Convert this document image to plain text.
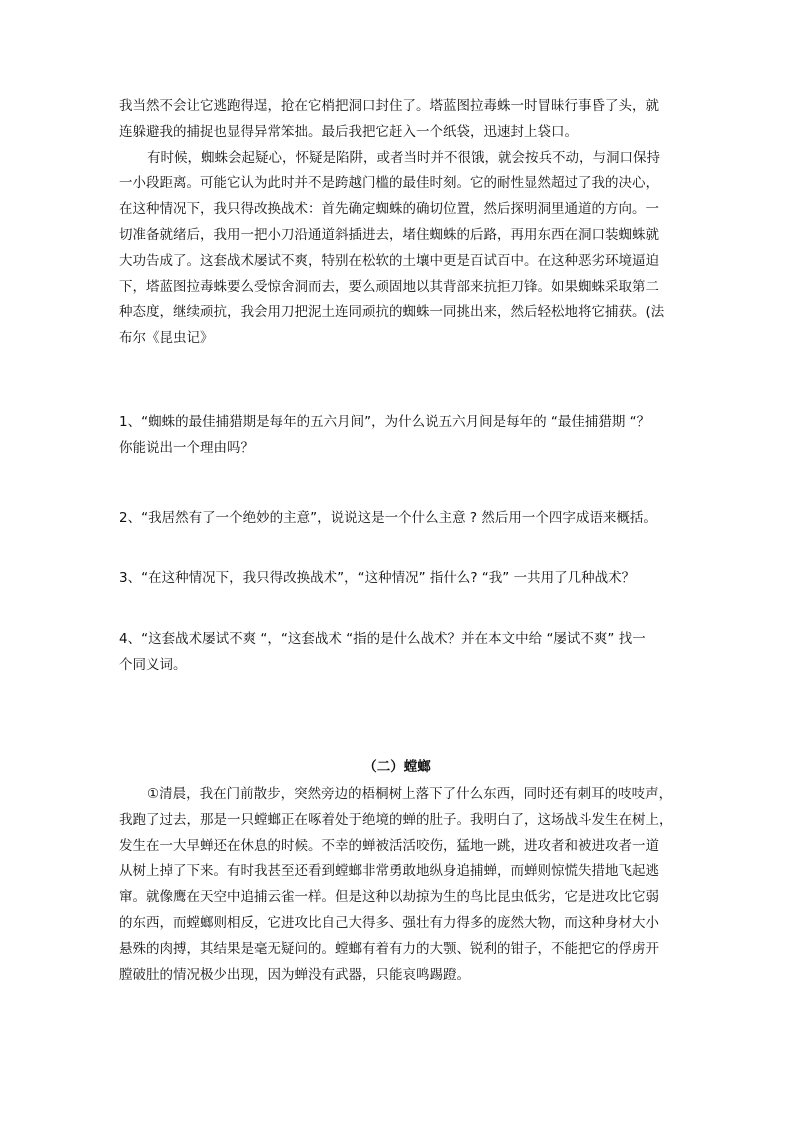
我当然不会让它逃跑得逞，抢在它梢把洞口封住了。塔蓝图拉毒蛛一时冒昧行事昏了头，就
连躲避我的捕捉也显得异常笨拙。最后我把它赶入一个纸袋，迅速封上袋口。
有时候，蜘蛛会起疑心，怀疑是陷阱，或者当时并不很饿，就会按兵不动，与洞口保持
一小段距离。可能它认为此时并不是跨越门槛的最佳时刻。它的耐性显然超过了我的决心，
在这种情况下，我只得改换战术：首先确定蜘蛛的确切位置，然后探明洞里通道的方向。一
切准备就绪后，我用一把小刀沿通道斜插进去，堵住蜘蛛的后路，再用东西在洞口装蜘蛛就
大功告成了。这套战术屡试不爽，特别在松软的土壤中更是百试百中。在这种恶劣环境逼迫
下，塔蓝图拉毒蛛要么受惊舍洞而去，要么顽固地以其背部来抗拒刀锋。如果蜘蛛采取第二
种态度，继续顽抗，我会用刀把泥土连同顽抗的蜘蛛一同挑出来，然后轻松地将它捕获。(法
布尔《昆虫记》
1、“蜘蛛的最佳捕猎期是每年的五六月间”，为什么说五六月间是每年的 “最佳捕猎期 “？
你能说出一个理由吗？
2、“我居然有了一个绝妙的主意”，说说这是一个什么主意 ? 然后用一个四字成语来概括。
3、“在这种情况下，我只得改换战术”，“这种情况” 指什么? “我” 一共用了几种战术？
4、“这套战术屡试不爽 “，“这套战术 “指的是什么战术？并在本文中给 “屡试不爽” 找一
个同义词。
（二）螳螂
①清晨，我在门前散步，突然旁边的梧桐树上落下了什么东西，同时还有刺耳的吱吱声，
我跑了过去，那是一只螳螂正在啄着处于绝境的蝉的肚子。我明白了，这场战斗发生在树上，
发生在一大早蝉还在休息的时候。不幸的蝉被活活咬伤，猛地一跳，进攻者和被进攻者一道
从树上掉了下来。有时我甚至还看到螳螂非常勇敢地纵身追捕蝉，而蝉则惊慌失措地飞起逃
窜。就像鹰在天空中追捕云雀一样。但是这种以劫掠为生的鸟比昆虫低劣，它是进攻比它弱
的东西，而螳螂则相反，它进攻比自己大得多、强壮有力得多的庞然大物，而这种身材大小
悬殊的肉搏，其结果是毫无疑问的。螳螂有着有力的大颚、锐利的钳子，不能把它的俘虏开
膛破肚的情况极少出现，因为蝉没有武器，只能哀鸣踢蹬。
